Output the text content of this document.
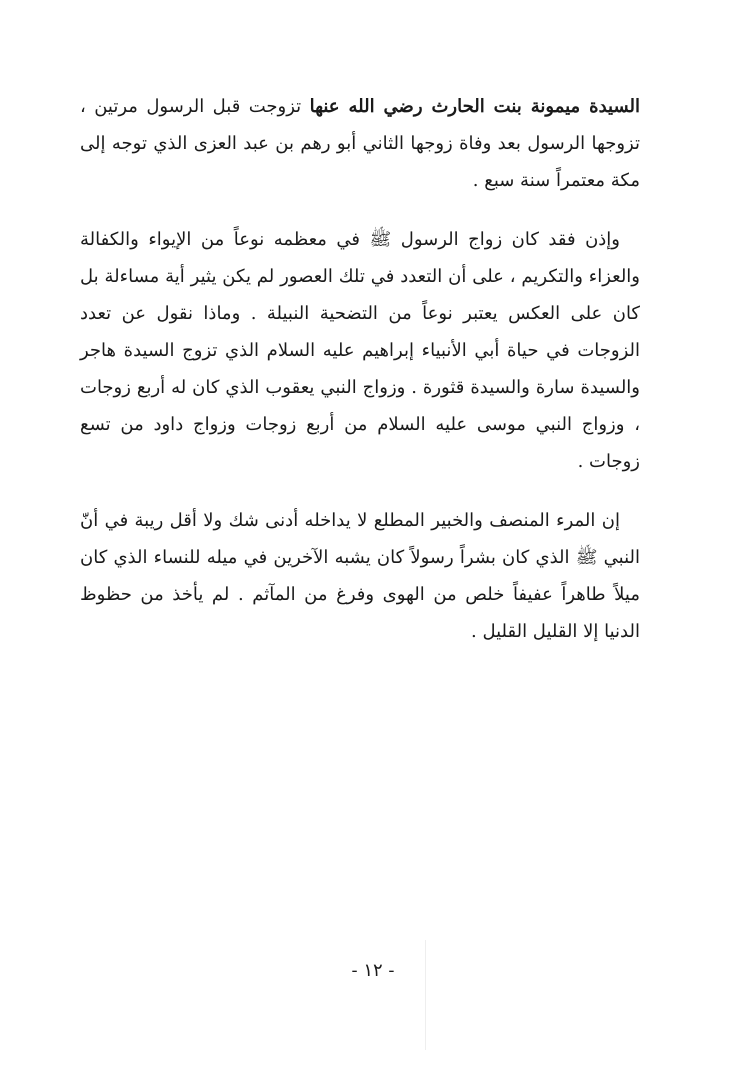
السيدة ميمونة بنت الحارث رضي الله عنها تزوجت قبل الرسول مرتين ، تزوجها الرسول بعد وفاة زوجها الثاني أبو رهم بن عبد العزى الذي توجه إلى مكة معتمراً سنة سبع .

وإذن فقد كان زواج الرسول ﷺ في معظمه نوعاً من الإيواء والكفالة والعزاء والتكريم ، على أن التعدد في تلك العصور لم يكن يثير أية مساءلة بل كان على العكس يعتبر نوعاً من التضحية النبيلة . وماذا نقول عن تعدد الزوجات في حياة أبي الأنبياء إبراهيم عليه السلام الذي تزوج السيدة هاجر والسيدة سارة والسيدة قثورة . وزواج النبي يعقوب الذي كان له أربع زوجات ، وزواج النبي موسى عليه السلام من أربع زوجات وزواج داود من تسع زوجات .

إن المرء المنصف والخبير المطلع لا يداخله أدنى شك ولا أقل ريبة في أنّ النبي ﷺ الذي كان بشراً رسولاً كان يشبه الآخرين في ميله للنساء الذي كان ميلاً طاهراً عفيفاً خلص من الهوى وفرغ من المآثم . لم يأخذ من حظوظ الدنيا إلا القليل القليل .

- ١٢ -
